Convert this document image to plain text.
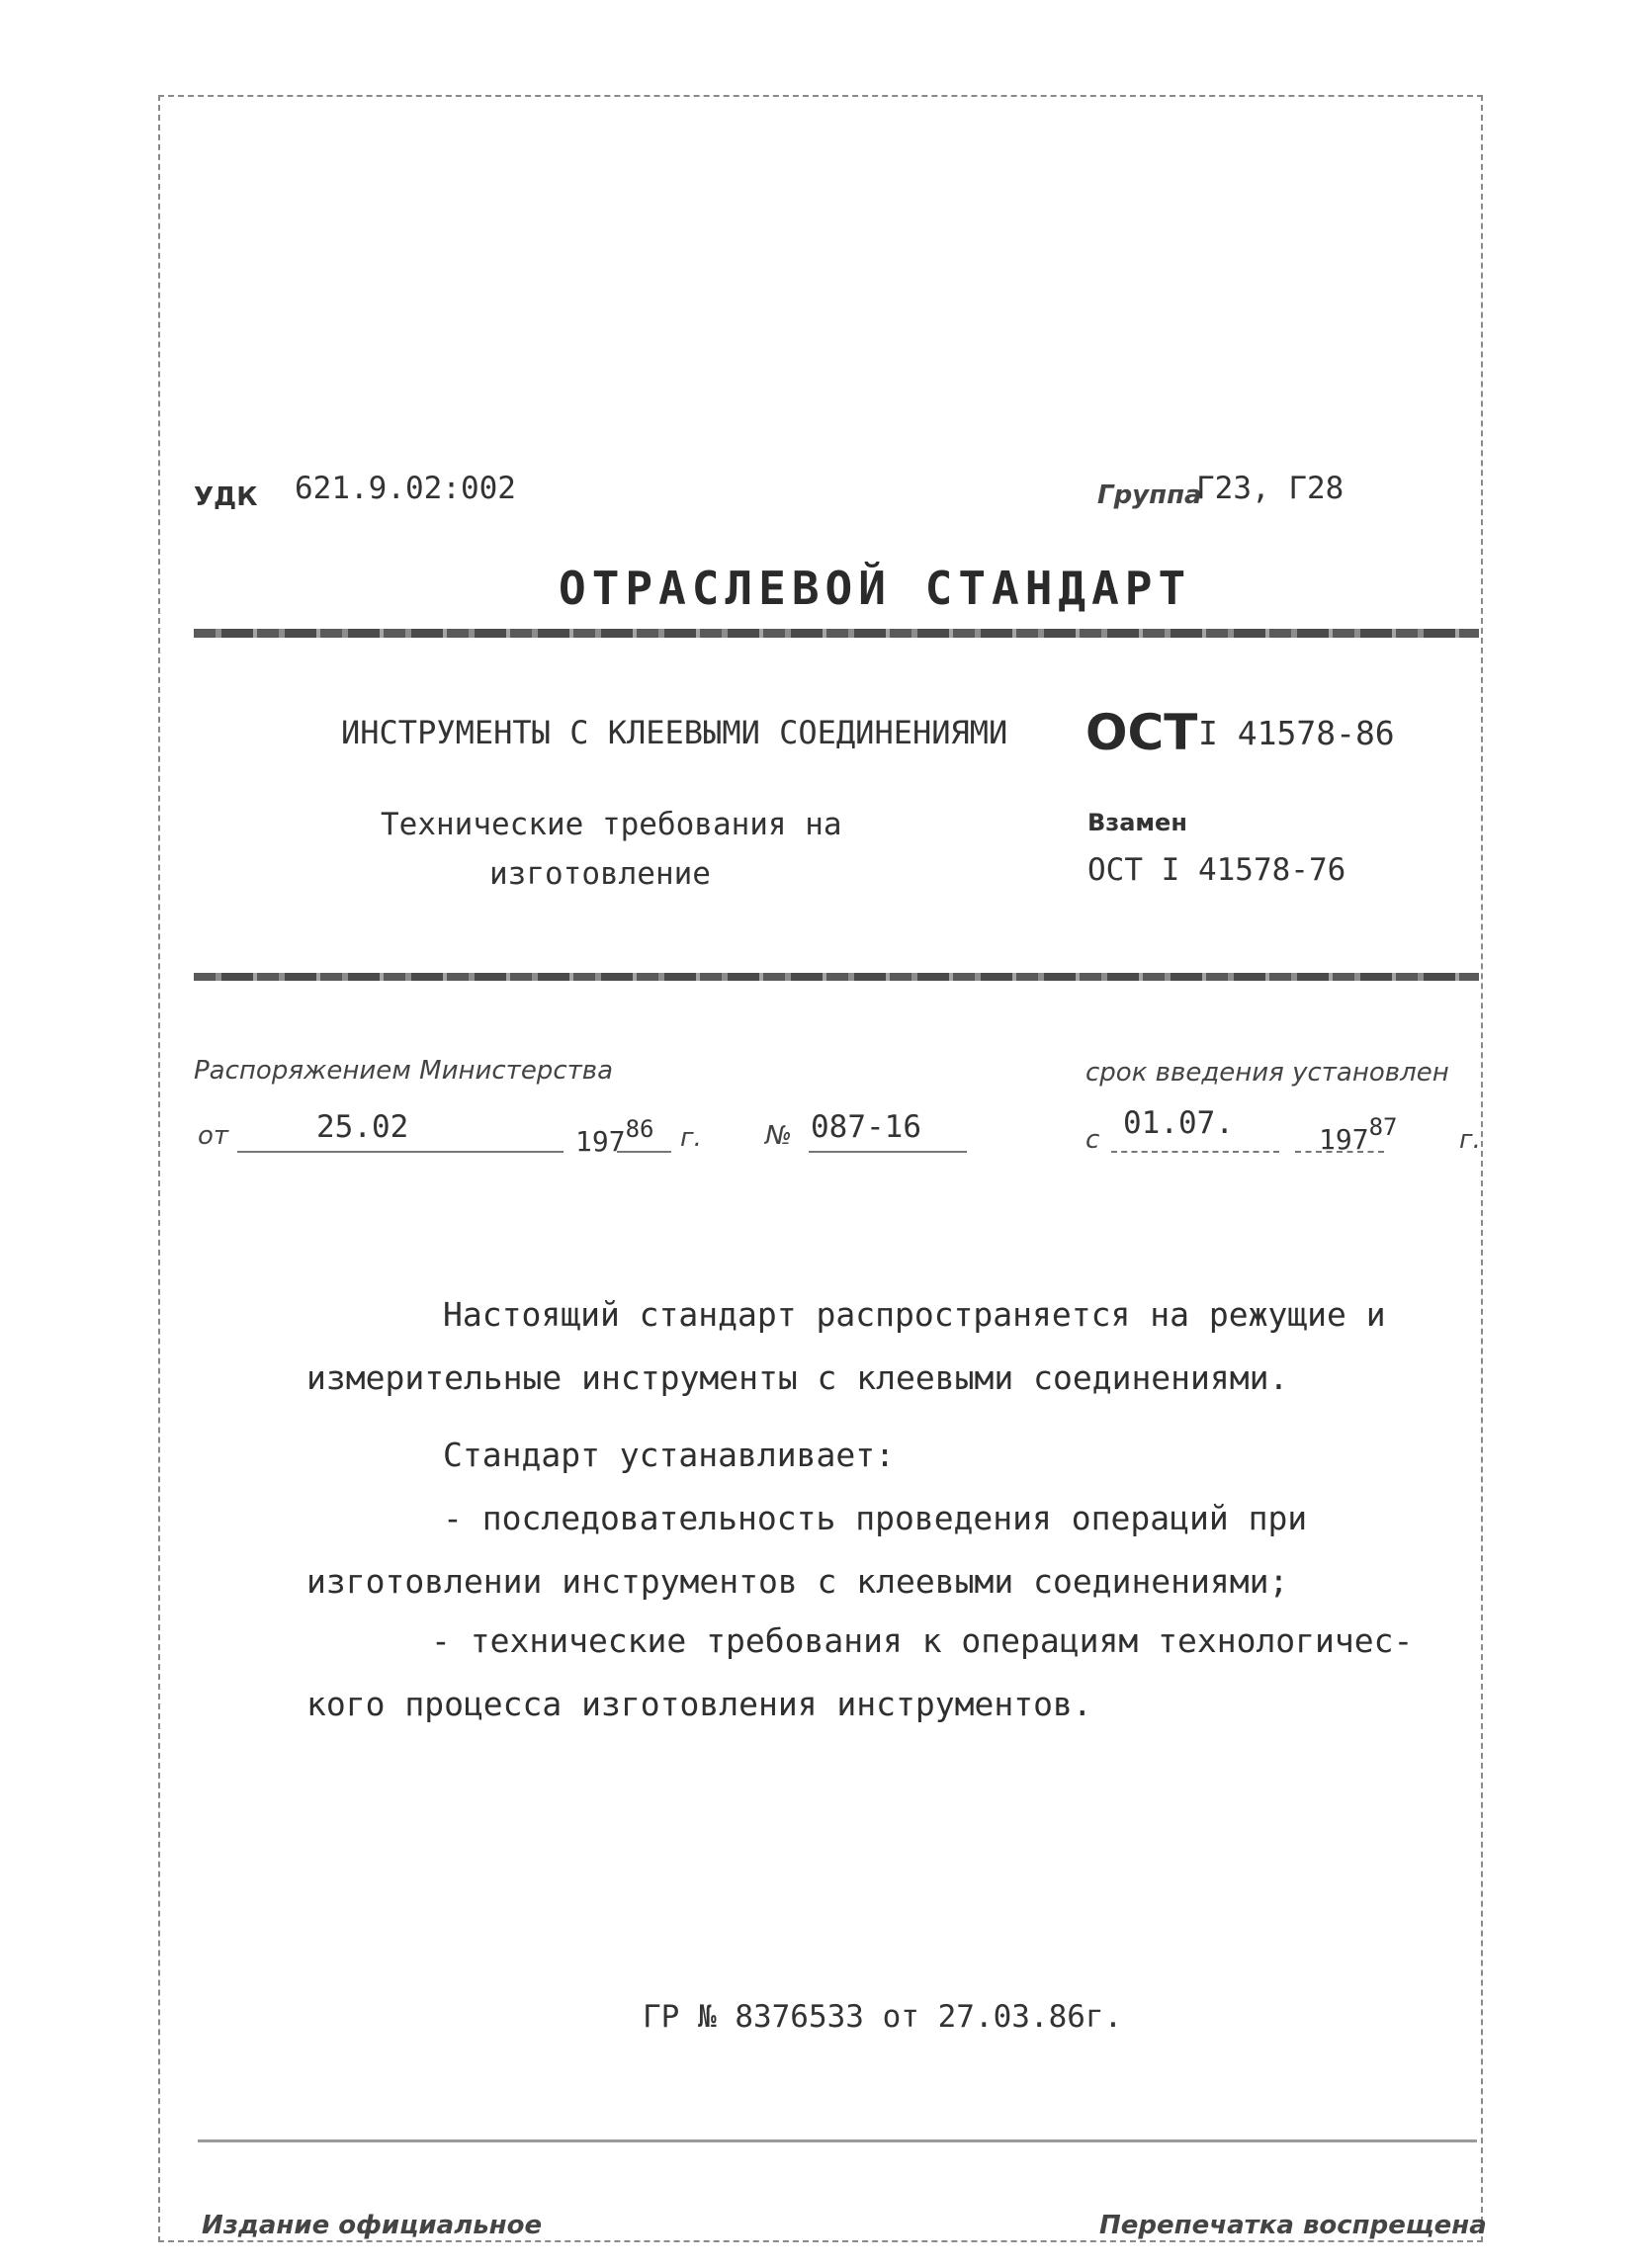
УДК 621.9.02:002	Группа
Г23, Г28
ОТРАСЛЕВОЙ СТАНДАРТ
ИНСТРУМЕНТЫ С КЛЕЕВЫМИ СОЕДИНЕНИЯМИ ОСТ I 41578-86
Технические требования на
изготовление
Взамен
ОСТ I 41578-76
Распоряжением Министерства	срок введения установлен
от	25.02	$197^{86}$ г. № 087-16	с 01.07.	$197^{87}$ г.
Настоящий стандарт распространяется на режущие и
измерительные инструменты с клеевыми соединениями.
Стандарт устанавливает:
- последовательность проведения операций при
изготовлении инструментов с клеевыми соединениями;
- технические требования к операциям технологичес-
кого процесса изготовления инструментов.
ГР № 8376533 от 27.03.86г.
Издание официальное	Перепечатка воспрещена
